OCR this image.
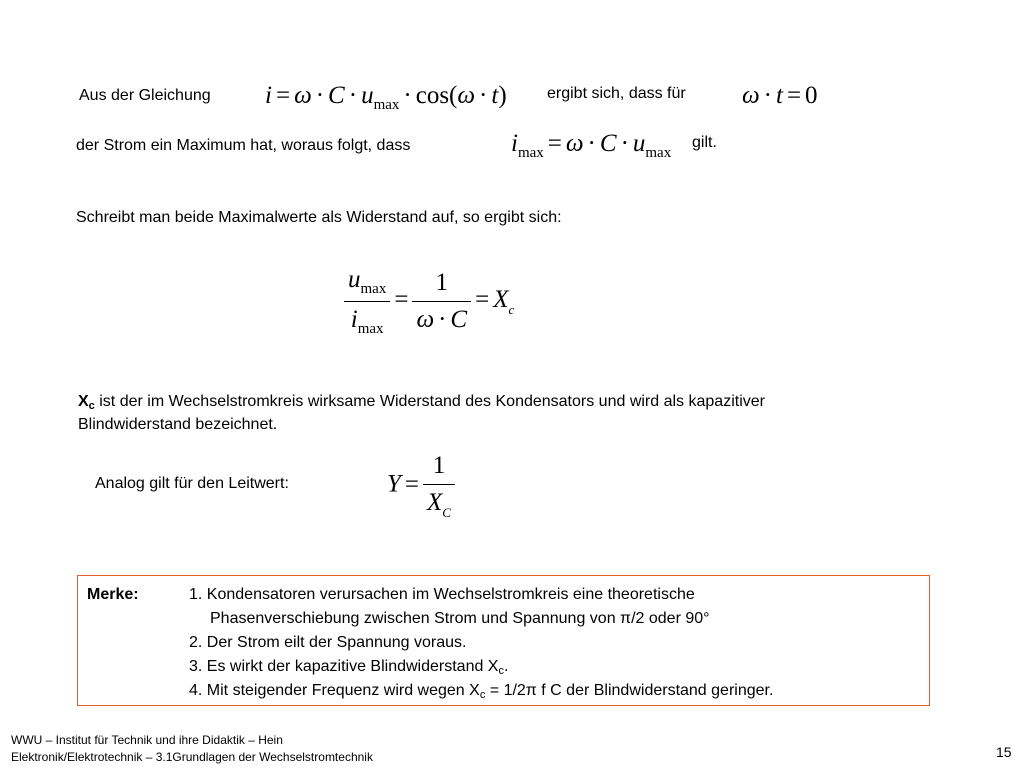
Aus der Gleichung $i = \omega \cdot C \cdot u_{max} \cdot \cos(\omega \cdot t)$	ergibt sich, dass für ω · t = 0
der Strom ein Maximum hat, woraus folgt, dass	$i_{max} = \omega \cdot C \cdot u_{max}$
gilt.
Schreibt man beide Maximalwerte als Widerstand auf, so ergibt sich:
$\frac{u_{max}}{i_{max}} = \frac{1}{\omega \cdot C} = X_c$
$X_c$ ist der im Wechselstromkreis wirksame Widerstand des Kondensators und wird als kapazitiver
Blindwiderstand bezeichnet.
Analog gilt für den Leitwert:	$Y = \frac{1}{X_C}$
Merke:	1. Kondensatoren verursachen im Wechselstromkreis eine theoretische
Phasenverschiebung zwischen Strom und Spannung von π/2 oder 90°
2. Der Strom eilt der Spannung voraus.
3. Es wirkt der kapazitive Blindwiderstand $X_c$.
4. Mit steigender Frequenz wird wegen $X_c = 1/2\pi$ f C der Blindwiderstand geringer.
WWU – Institut für Technik und ihre Didaktik – Hein
Elektronik/Elektrotechnik – 3.1Grundlagen der Wechselstromtechnik	15
